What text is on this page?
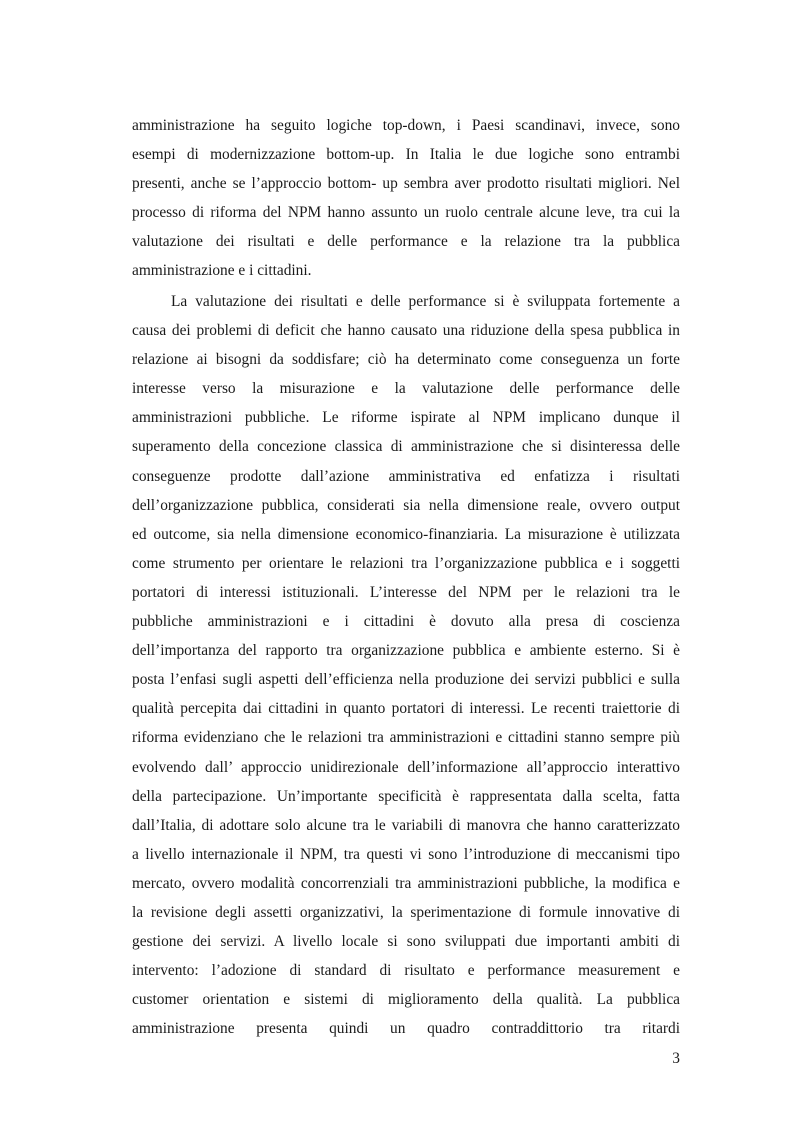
amministrazione ha seguito logiche top-down, i Paesi scandinavi, invece, sono
esempi di modernizzazione bottom-up. In Italia le due logiche sono entrambi
presenti, anche se l’approccio bottom- up sembra aver prodotto risultati migliori. Nel
processo di riforma del NPM hanno assunto un ruolo centrale alcune leve, tra cui la
valutazione dei risultati e delle performance e la relazione tra la pubblica
amministrazione e i cittadini.

La valutazione dei risultati e delle performance si è sviluppata fortemente a
causa dei problemi di deficit che hanno causato una riduzione della spesa pubblica in
relazione ai bisogni da soddisfare; ciò ha determinato come conseguenza un forte
interesse verso la misurazione e la valutazione delle performance delle
amministrazioni pubbliche. Le riforme ispirate al NPM implicano dunque il
superamento della concezione classica di amministrazione che si disinteressa delle
conseguenze prodotte dall’azione amministrativa ed enfatizza i risultati
dell’organizzazione pubblica, considerati sia nella dimensione reale, ovvero output
ed outcome, sia nella dimensione economico-finanziaria. La misurazione è utilizzata
come strumento per orientare le relazioni tra l’organizzazione pubblica e i soggetti
portatori di interessi istituzionali. L’interesse del NPM per le relazioni tra le
pubbliche amministrazioni e i cittadini è dovuto alla presa di coscienza
dell’importanza del rapporto tra organizzazione pubblica e ambiente esterno. Si è
posta l’enfasi sugli aspetti dell’efficienza nella produzione dei servizi pubblici e sulla
qualità percepita dai cittadini in quanto portatori di interessi. Le recenti traiettorie di
riforma evidenziano che le relazioni tra amministrazioni e cittadini stanno sempre più
evolvendo dall’ approccio unidirezionale dell’informazione all’approccio interattivo
della partecipazione. Un’importante specificità è rappresentata dalla scelta, fatta
dall’Italia, di adottare solo alcune tra le variabili di manovra che hanno caratterizzato
a livello internazionale il NPM, tra questi vi sono l’introduzione di meccanismi tipo
mercato, ovvero modalità concorrenziali tra amministrazioni pubbliche, la modifica e
la revisione degli assetti organizzativi, la sperimentazione di formule innovative di
gestione dei servizi. A livello locale si sono sviluppati due importanti ambiti di
intervento: l’adozione di standard di risultato e performance measurement e
customer orientation e sistemi di miglioramento della qualità. La pubblica
amministrazione presenta quindi un quadro contraddittorio tra ritardi

3
